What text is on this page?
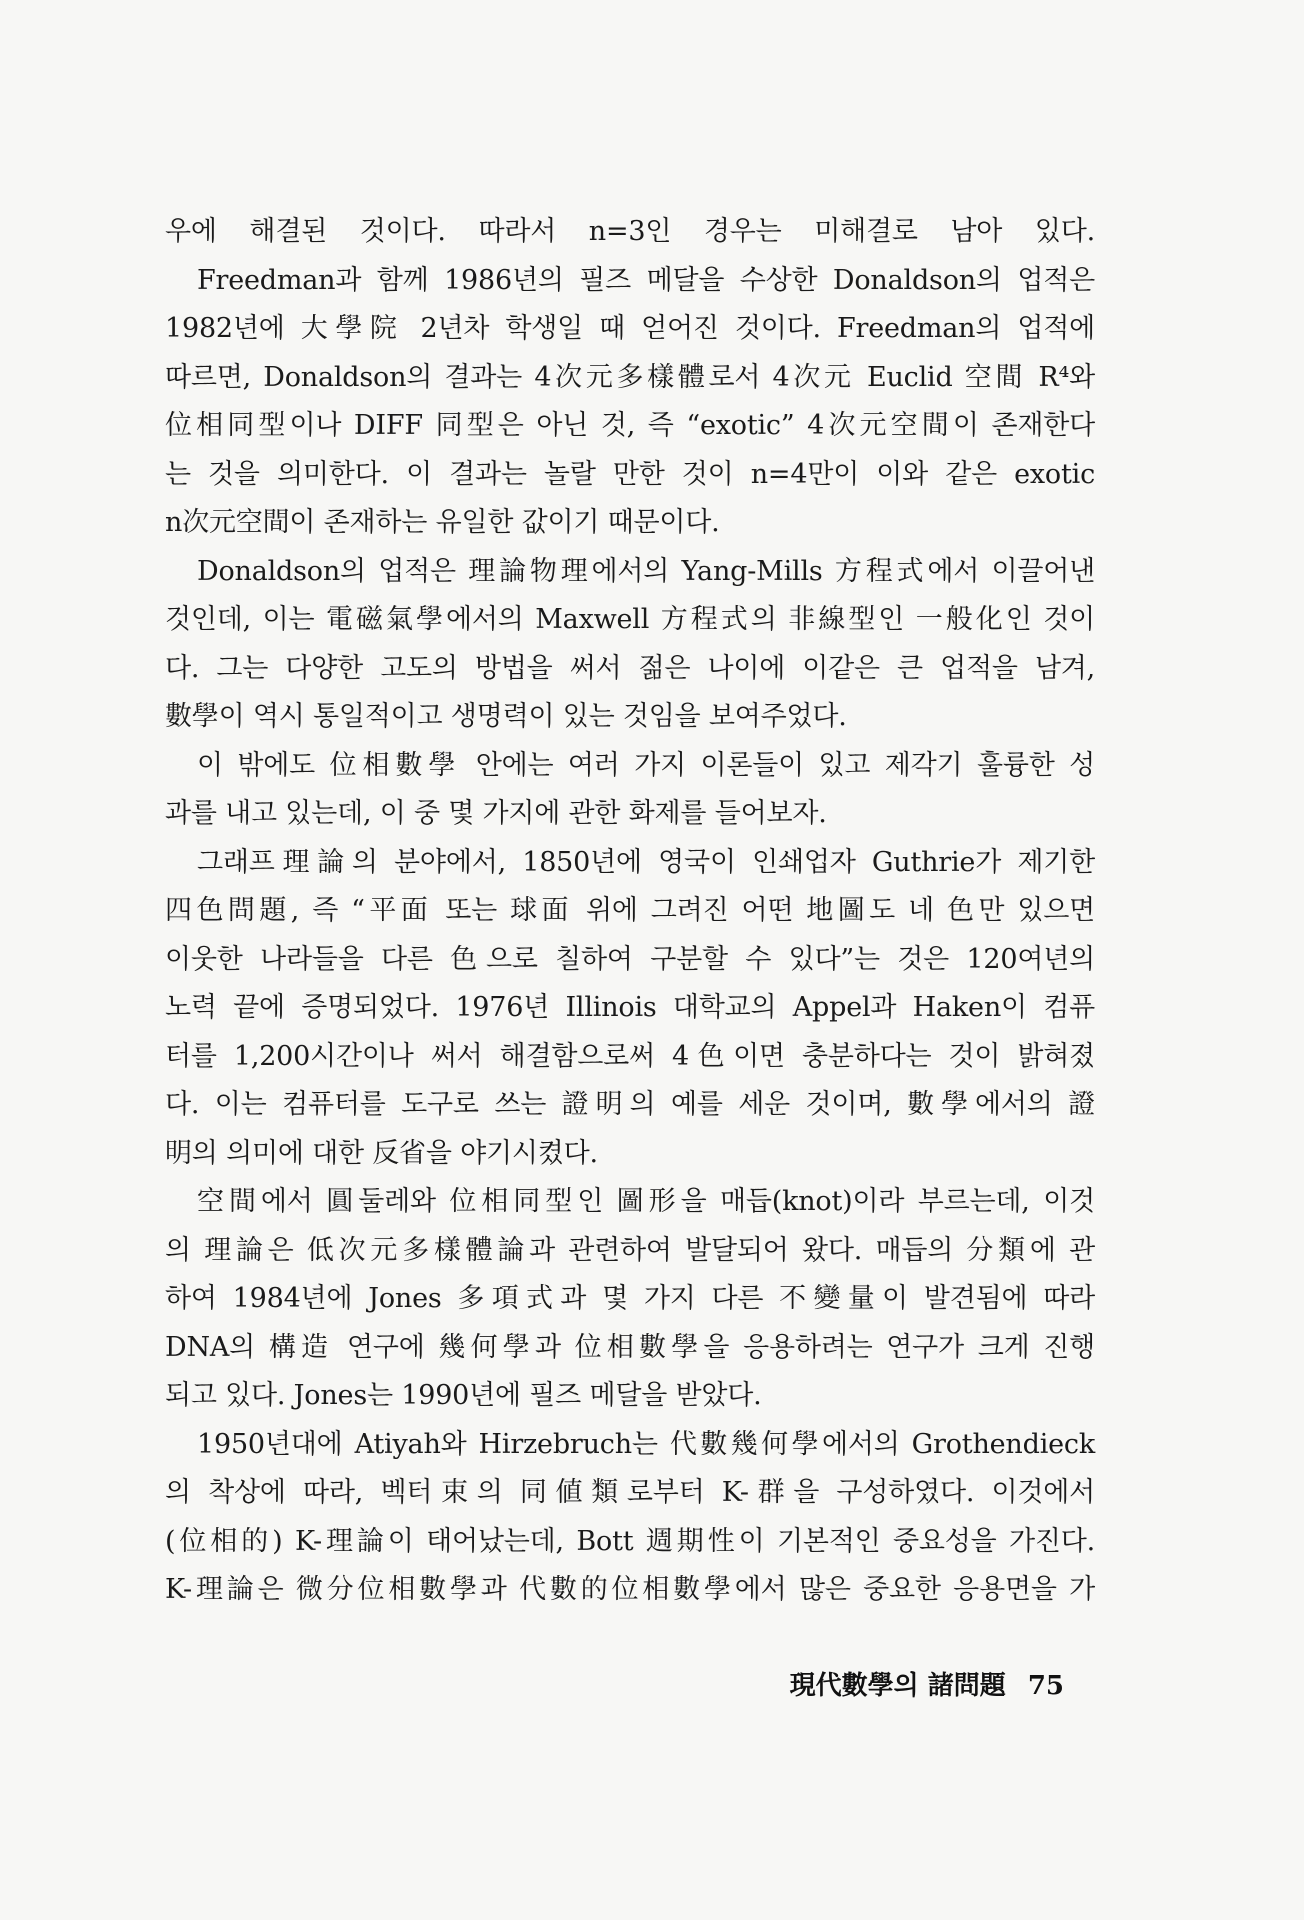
우에 해결된 것이다. 따라서 n=3인 경우는 미해결로 남아 있다.
Freedman과 함께 1986년의 필즈 메달을 수상한 Donaldson의 업적은
1982년에 大學院 2년차 학생일 때 얻어진 것이다. Freedman의 업적에
따르면, Donaldson의 결과는 4次元多樣體로서 4次元 Euclid 空間 R⁴와
位相同型이나 DIFF 同型은 아닌 것, 즉 “exotic” 4次元空間이 존재한다
는 것을 의미한다. 이 결과는 놀랄 만한 것이 n=4만이 이와 같은 exotic
n次元空間이 존재하는 유일한 값이기 때문이다.
Donaldson의 업적은 理論物理에서의 Yang-Mills 方程式에서 이끌어낸
것인데, 이는 電磁氣學에서의 Maxwell 方程式의 非線型인 一般化인 것이
다. 그는 다양한 고도의 방법을 써서 젊은 나이에 이같은 큰 업적을 남겨,
數學이 역시 통일적이고 생명력이 있는 것임을 보여주었다.
이 밖에도 位相數學 안에는 여러 가지 이론들이 있고 제각기 훌륭한 성
과를 내고 있는데, 이 중 몇 가지에 관한 화제를 들어보자.
그래프理論의 분야에서, 1850년에 영국이 인쇄업자 Guthrie가 제기한
四色問題, 즉 “平面 또는 球面 위에 그려진 어떤 地圖도 네 色만 있으면
이웃한 나라들을 다른 色으로 칠하여 구분할 수 있다”는 것은 120여년의
노력 끝에 증명되었다. 1976년 Illinois 대학교의 Appel과 Haken이 컴퓨
터를 1,200시간이나 써서 해결함으로써 4色이면 충분하다는 것이 밝혀졌
다. 이는 컴퓨터를 도구로 쓰는 證明의 예를 세운 것이며, 數學에서의 證
明의 의미에 대한 反省을 야기시켰다.
空間에서 圓둘레와 位相同型인 圖形을 매듭(knot)이라 부르는데, 이것
의 理論은 低次元多樣體論과 관련하여 발달되어 왔다. 매듭의 分類에 관
하여 1984년에 Jones 多項式과 몇 가지 다른 不變量이 발견됨에 따라
DNA의 構造 연구에 幾何學과 位相數學을 응용하려는 연구가 크게 진행
되고 있다. Jones는 1990년에 필즈 메달을 받았다.
1950년대에 Atiyah와 Hirzebruch는 代數幾何學에서의 Grothendieck
의 착상에 따라, 벡터束의 同値類로부터 K-群을 구성하였다. 이것에서
(位相的) K-理論이 태어났는데, Bott 週期性이 기본적인 중요성을 가진다.
K-理論은 微分位相數學과 代數的位相數學에서 많은 중요한 응용면을 가
現代數學의 諸問題 75
